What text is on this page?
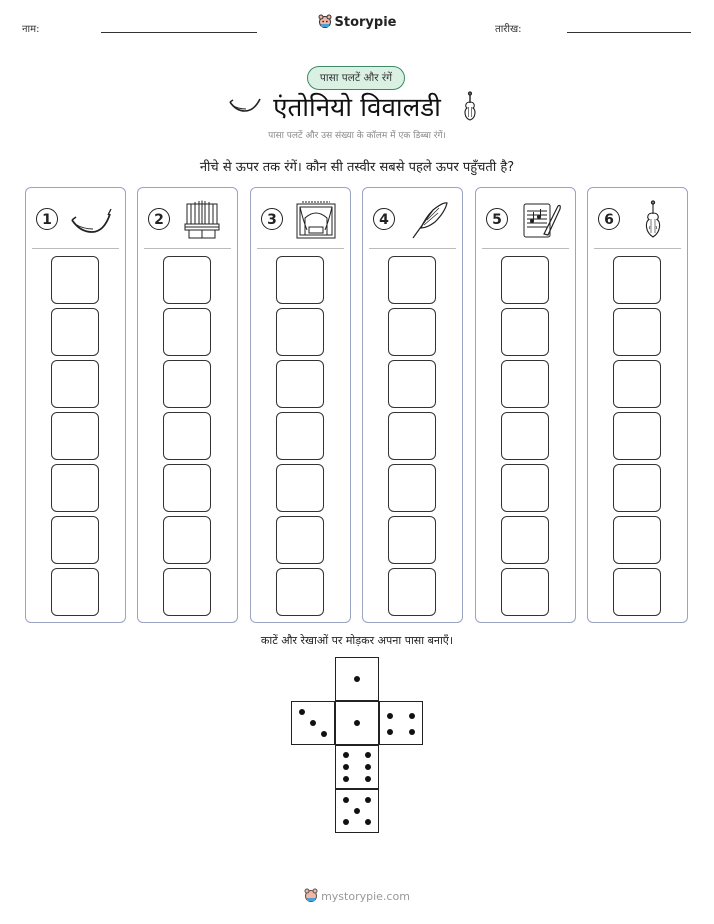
नाम:	Storypie	तारीख:
पासा पलटें और रंगें
एंतोनियो विवालडी
पासा पलटें और उस संख्या के कॉलम में एक डिब्बा रंगें।
नीचे से ऊपर तक रंगें। कौन सी तस्वीर सबसे पहले ऊपर पहुँचती है?
1	2	3	4	5	6
काटें और रेखाओं पर मोड़कर अपना पासा बनाएँ।
mystorypie.com
